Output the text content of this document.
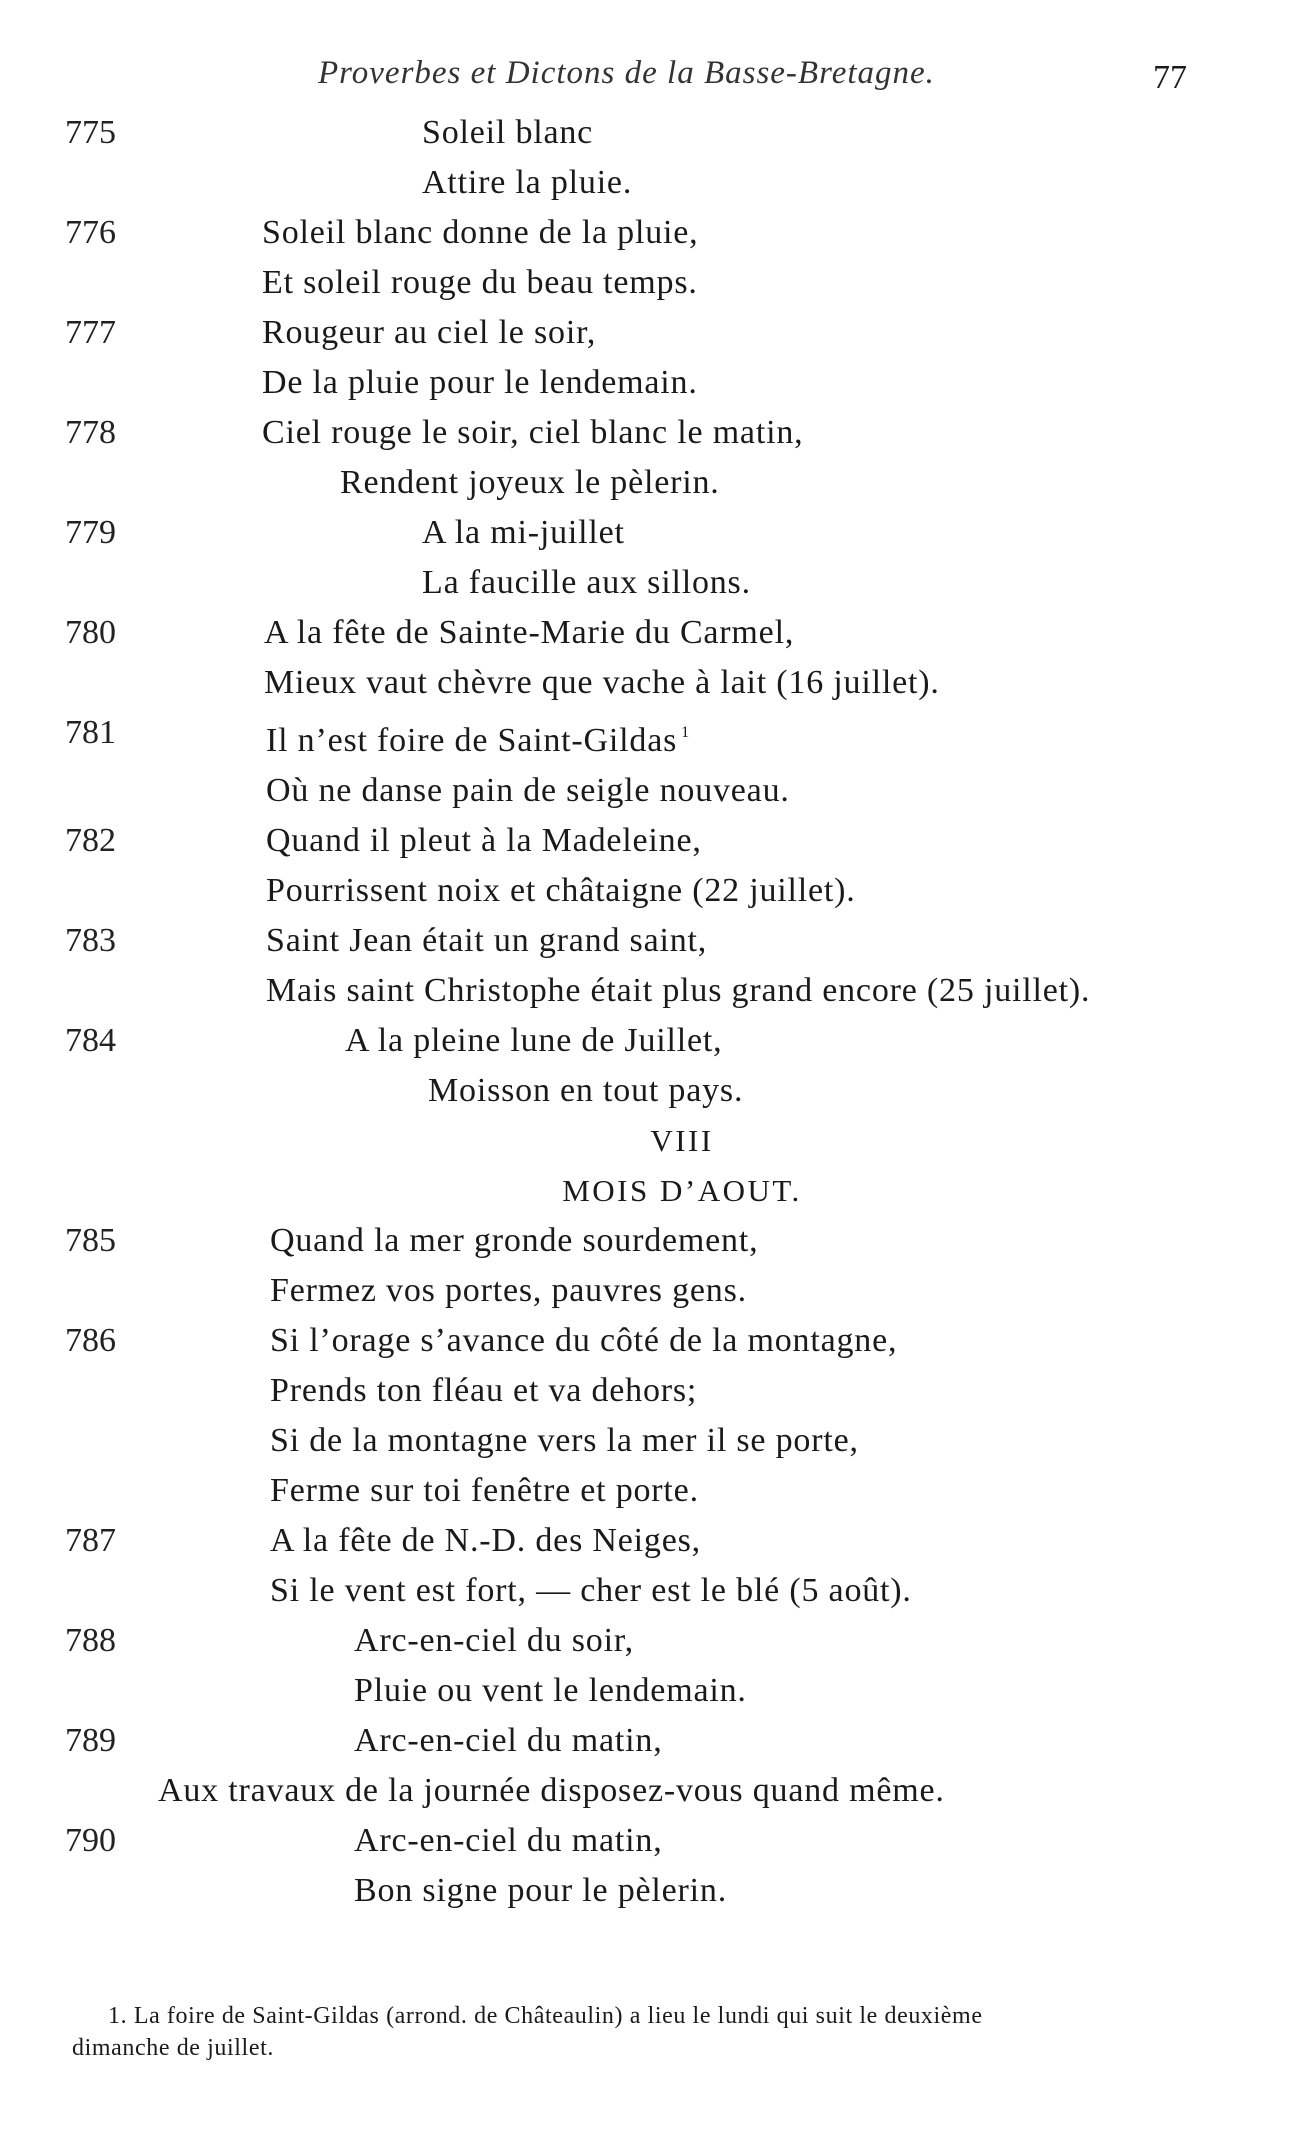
Proverbes et Dictons de la Basse-Bretagne.	77
775	Soleil blanc
Attire la pluie.
776	Soleil blanc donne de la pluie,
Et soleil rouge du beau temps.
777	Rougeur au ciel le soir,
De la pluie pour le lendemain.
778	Ciel rouge le soir, ciel blanc le matin,
Rendent joyeux le pèlerin.
779	A la mi-juillet
La faucille aux sillons.
780	A la fête de Sainte-Marie du Carmel,
Mieux vaut chèvre que vache à lait (16 juillet).
781	Il n’est foire de Saint-Gildas $^1$
Où ne danse pain de seigle nouveau.
782	Quand il pleut à la Madeleine,
Pourrissent noix et châtaigne (22 juillet).
783	Saint Jean était un grand saint,
Mais saint Christophe était plus grand encore (25 juillet).
784	A la pleine lune de Juillet,
Moisson en tout pays.
VIII
MOIS D’AOUT.
785	Quand la mer gronde sourdement,
Fermez vos portes, pauvres gens.
786	Si l’orage s’avance du côté de la montagne,
Prends ton fléau et va dehors;
Si de la montagne vers la mer il se porte,
Ferme sur toi fenêtre et porte.
787	A la fête de N.-D. des Neiges,
Si le vent est fort, — cher est le blé (5 août).
788	Arc-en-ciel du soir,
Pluie ou vent le lendemain.
789	Arc-en-ciel du matin,
Aux travaux de la journée disposez-vous quand même.
790	Arc-en-ciel du matin,
Bon signe pour le pèlerin.
1. La foire de Saint-Gildas (arrond. de Châteaulin) a lieu le lundi qui suit le deuxième
dimanche de juillet.
